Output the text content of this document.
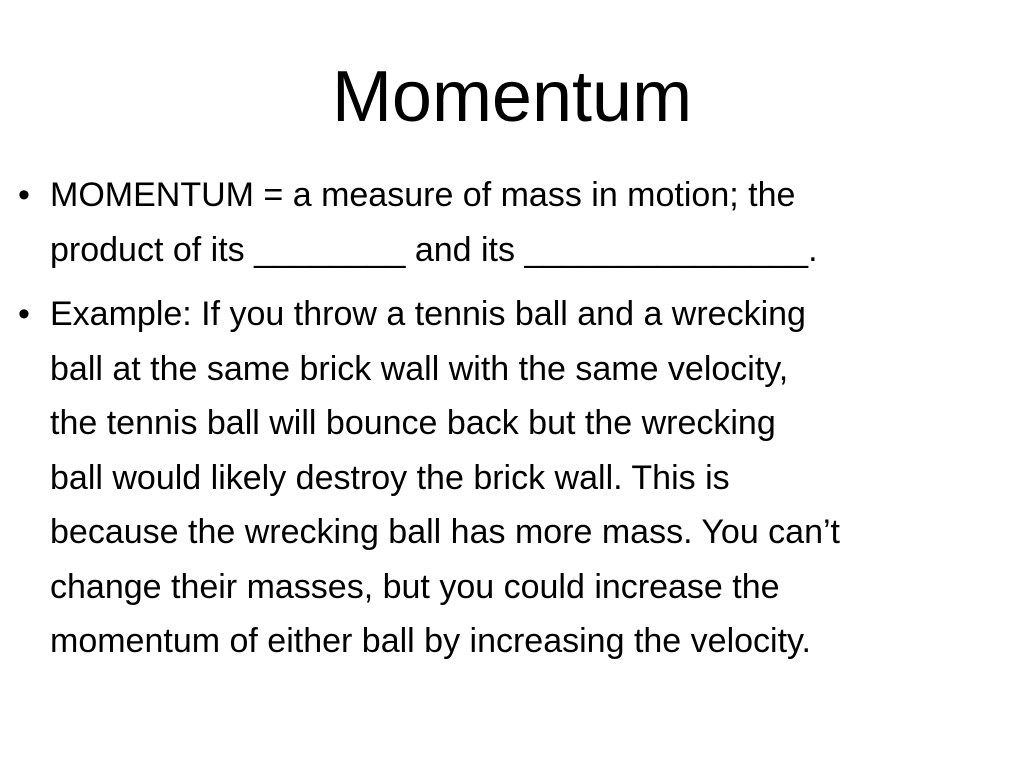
Momentum
• MOMENTUM = a measure of mass in motion; the
product of its ________ and its _______________.
• Example: If you throw a tennis ball and a wrecking
ball at the same brick wall with the same velocity,
the tennis ball will bounce back but the wrecking
ball would likely destroy the brick wall. This is
because the wrecking ball has more mass. You can’t
change their masses, but you could increase the
momentum of either ball by increasing the velocity.
